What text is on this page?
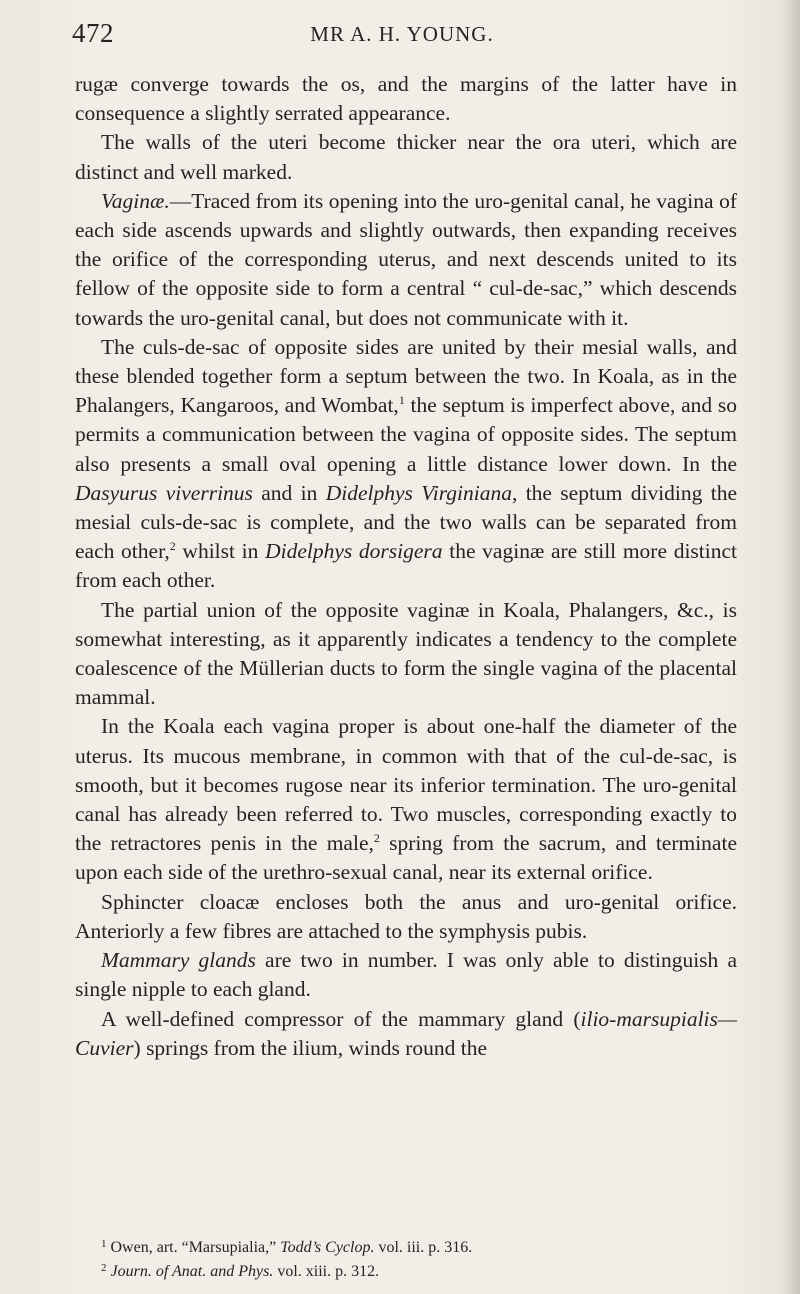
472	MR A. H. YOUNG.

rugæ converge towards the os, and the margins of the latter have in consequence a slightly serrated appearance.

The walls of the uteri become thicker near the ora uteri, which are distinct and well marked.

Vaginæ.—Traced from its opening into the uro-genital canal, he vagina of each side ascends upwards and slightly outwards, then expanding receives the orifice of the corresponding uterus, and next descends united to its fellow of the opposite side to form a central “ cul-de-sac,” which descends towards the uro-genital canal, but does not communicate with it.

The culs-de-sac of opposite sides are united by their mesial walls, and these blended together form a septum between the two. In Koala, as in the Phalangers, Kangaroos, and Wombat,$^1$ the septum is imperfect above, and so permits a communication between the vagina of opposite sides. The septum also presents a small oval opening a little distance lower down. In the Dasyurus viverrinus and in Didelphys Virginiana, the septum dividing the mesial culs-de-sac is complete, and the two walls can be separated from each other,$^2$ whilst in Didelphys dorsigera the vaginæ are still more distinct from each other.

The partial union of the opposite vaginæ in Koala, Phalangers, &c., is somewhat interesting, as it apparently indicates a tendency to the complete coalescence of the Müllerian ducts to form the single vagina of the placental mammal.

In the Koala each vagina proper is about one-half the diameter of the uterus. Its mucous membrane, in common with that of the cul-de-sac, is smooth, but it becomes rugose near its inferior termination. The uro-genital canal has already been referred to. Two muscles, corresponding exactly to the retractores penis in the male,$^2$ spring from the sacrum, and terminate upon each side of the urethro-sexual canal, near its external orifice.

Sphincter cloacæ encloses both the anus and uro-genital orifice. Anteriorly a few fibres are attached to the symphysis pubis.

Mammary glands are two in number. I was only able to distinguish a single nipple to each gland.

A well-defined compressor of the mammary gland (ilio-marsupialis—Cuvier) springs from the ilium, winds round the

$^1$ Owen, art. “Marsupialia,” Todd’s Cyclop. vol. iii. p. 316.

$^2$ Journ. of Anat. and Phys. vol. xiii. p. 312.
